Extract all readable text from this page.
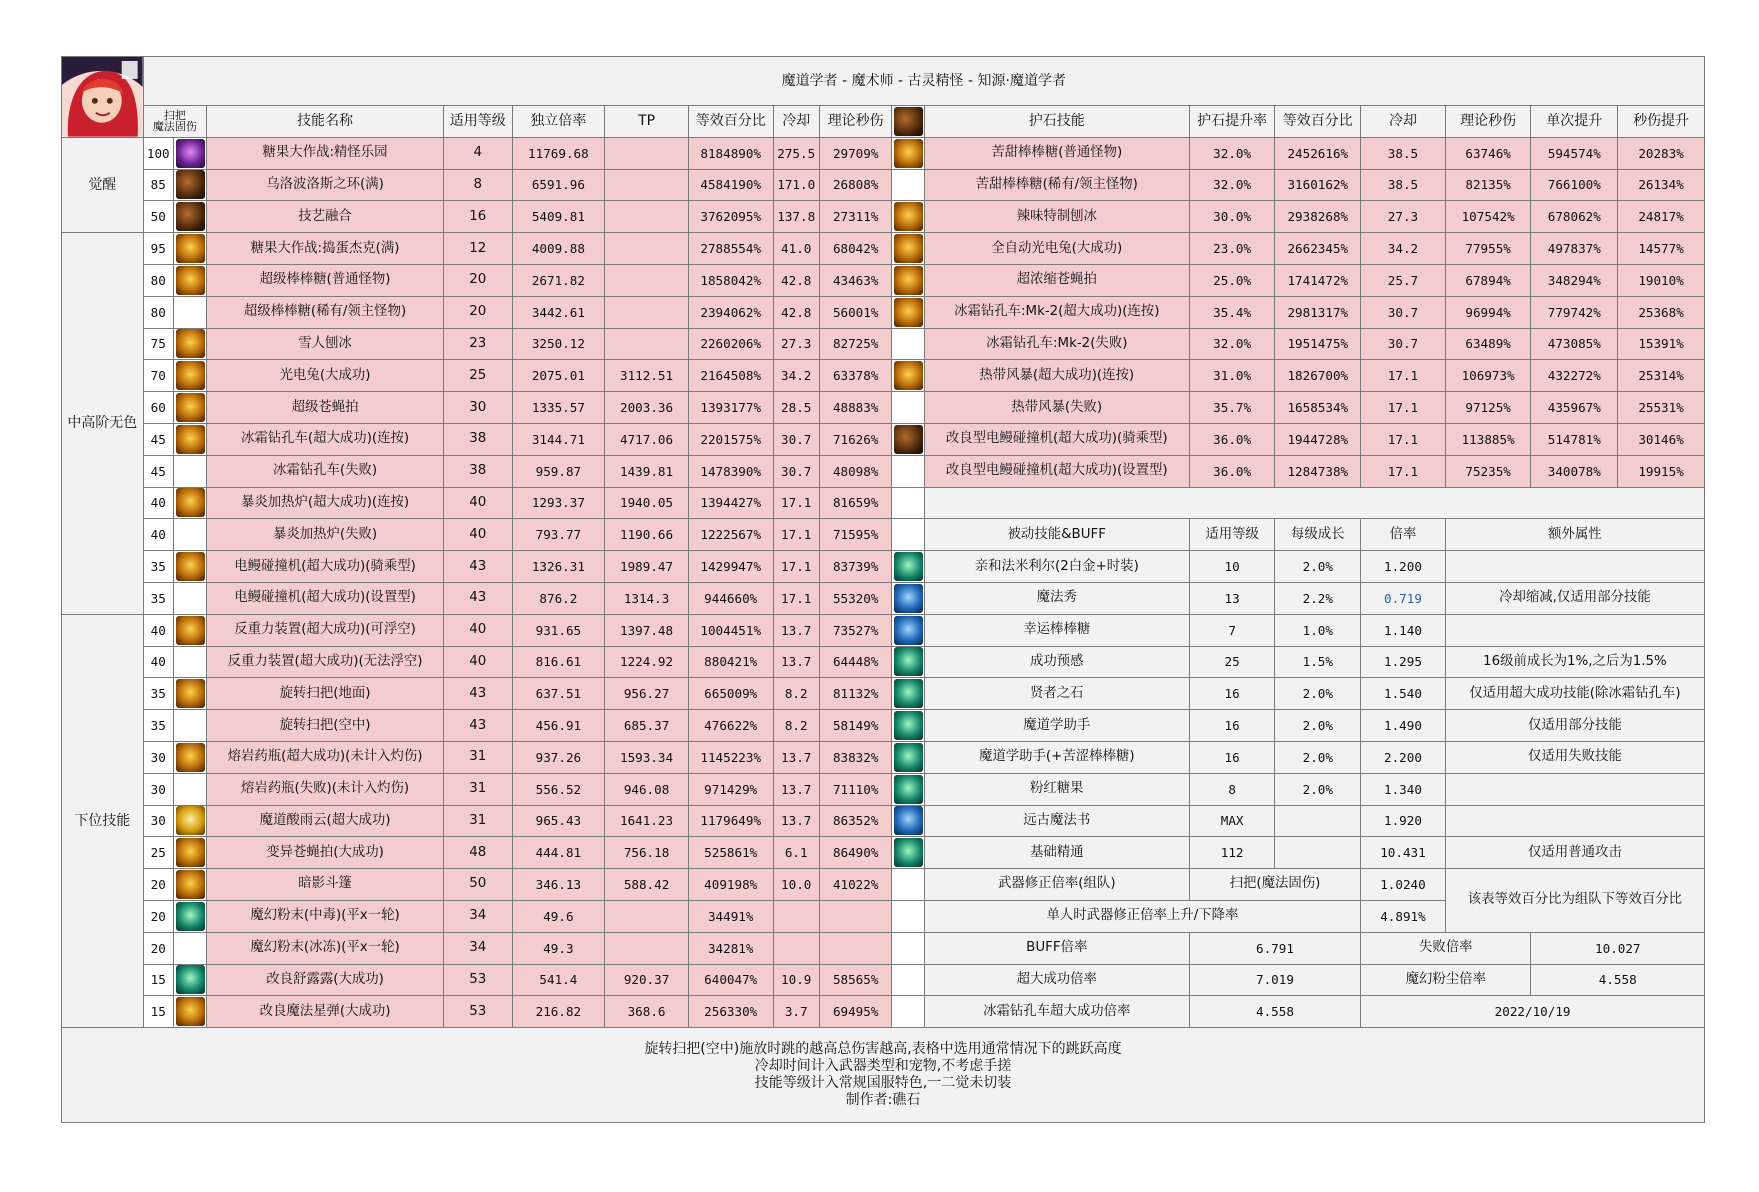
	魔道学者 - 魔术师 - 古灵精怪 - 知源·魔道学者																
	扫把
魔法固伤		技能名称	适用等级	独立倍率	TP	等效百分比	冷却	理论秒伤		护石技能	护石提升率	等效百分比	冷却	理论秒伤	单次提升	秒伤提升
觉醒	100		糖果大作战:精怪乐园	4	11769.68		8184890%	275.5	29709%		苦甜棒棒糖(普通怪物)	32.0%	2452616%	38.5	63746%	594574%	20283%
	85		乌洛波洛斯之环(满)	8	6591.96		4584190%	171.0	26808%		苦甜棒棒糖(稀有/领主怪物)	32.0%	3160162%	38.5	82135%	766100%	26134%
	50		技艺融合	16	5409.81		3762095%	137.8	27311%		辣味特制刨冰	30.0%	2938268%	27.3	107542%	678062%	24817%
中高阶无色	95		糖果大作战:捣蛋杰克(满)	12	4009.88		2788554%	41.0	68042%		全自动光电兔(大成功)	23.0%	2662345%	34.2	77955%	497837%	14577%
	80		超级棒棒糖(普通怪物)	20	2671.82		1858042%	42.8	43463%		超浓缩苍蝇拍	25.0%	1741472%	25.7	67894%	348294%	19010%
	80		超级棒棒糖(稀有/领主怪物)	20	3442.61		2394062%	42.8	56001%		冰霜钻孔车:Mk-2(超大成功)(连按)	35.4%	2981317%	30.7	96994%	779742%	25368%
	75		雪人刨冰	23	3250.12		2260206%	27.3	82725%		冰霜钻孔车:Mk-2(失败)	32.0%	1951475%	30.7	63489%	473085%	15391%
	70		光电兔(大成功)	25	2075.01	3112.51	2164508%	34.2	63378%		热带风暴(超大成功)(连按)	31.0%	1826700%	17.1	106973%	432272%	25314%
	60		超级苍蝇拍	30	1335.57	2003.36	1393177%	28.5	48883%		热带风暴(失败)	35.7%	1658534%	17.1	97125%	435967%	25531%
	45		冰霜钻孔车(超大成功)(连按)	38	3144.71	4717.06	2201575%	30.7	71626%		改良型电鳗碰撞机(超大成功)(骑乘型)	36.0%	1944728%	17.1	113885%	514781%	30146%
	45		冰霜钻孔车(失败)	38	959.87	1439.81	1478390%	30.7	48098%		改良型电鳗碰撞机(超大成功)(设置型)	36.0%	1284738%	17.1	75235%	340078%	19915%
	40		暴炎加热炉(超大成功)(连按)	40	1293.37	1940.05	1394427%	17.1	81659%								
	40		暴炎加热炉(失败)	40	793.77	1190.66	1222567%	17.1	71595%		被动技能&BUFF	适用等级	每级成长	倍率	额外属性		
	35		电鳗碰撞机(超大成功)(骑乘型)	43	1326.31	1989.47	1429947%	17.1	83739%		亲和法米利尔(2白金+时装)	10	2.0%	1.200			
	35		电鳗碰撞机(超大成功)(设置型)	43	876.2	1314.3	944660%	17.1	55320%		魔法秀	13	2.2%	0.719	冷却缩减,仅适用部分技能		
下位技能	40		反重力装置(超大成功)(可浮空)	40	931.65	1397.48	1004451%	13.7	73527%		幸运棒棒糖	7	1.0%	1.140			
	40		反重力装置(超大成功)(无法浮空)	40	816.61	1224.92	880421%	13.7	64448%		成功预感	25	1.5%	1.295	16级前成长为1%,之后为1.5%		
	35		旋转扫把(地面)	43	637.51	956.27	665009%	8.2	81132%		贤者之石	16	2.0%	1.540	仅适用超大成功技能(除冰霜钻孔车)		
	35		旋转扫把(空中)	43	456.91	685.37	476622%	8.2	58149%		魔道学助手	16	2.0%	1.490	仅适用部分技能		
	30		熔岩药瓶(超大成功)(未计入灼伤)	31	937.26	1593.34	1145223%	13.7	83832%		魔道学助手(+苦涩棒棒糖)	16	2.0%	2.200	仅适用失败技能		
	30		熔岩药瓶(失败)(未计入灼伤)	31	556.52	946.08	971429%	13.7	71110%		粉红糖果	8	2.0%	1.340			
	30		魔道酸雨云(超大成功)	31	965.43	1641.23	1179649%	13.7	86352%		远古魔法书	MAX		1.920			
	25		变异苍蝇拍(大成功)	48	444.81	756.18	525861%	6.1	86490%		基础精通	112		10.431	仅适用普通攻击		
	20		暗影斗篷	50	346.13	588.42	409198%	10.0	41022%		武器修正倍率(组队)	扫把(魔法固伤)		1.0240	该表等效百分比为组队下等效百分比		
	20		魔幻粉末(中毒)(平x一轮)	34	49.6		34491%				单人时武器修正倍率上升/下降率			4.891%			
	20		魔幻粉末(冰冻)(平x一轮)	34	49.3		34281%				BUFF倍率	6.791		失败倍率		10.027	
	15		改良舒露露(大成功)	53	541.4	920.37	640047%	10.9	58565%		超大成功倍率	7.019		魔幻粉尘倍率		4.558	
	15		改良魔法星弹(大成功)	53	216.82	368.6	256330%	3.7	69495%		冰霜钻孔车超大成功倍率	4.558		2022/10/19			

旋转扫把(空中)施放时跳的越高总伤害越高,表格中选用通常情况下的跳跃高度
冷却时间计入武器类型和宠物,不考虑手搓
技能等级计入常规国服特色,一二觉未切装
制作者:礁石																	
